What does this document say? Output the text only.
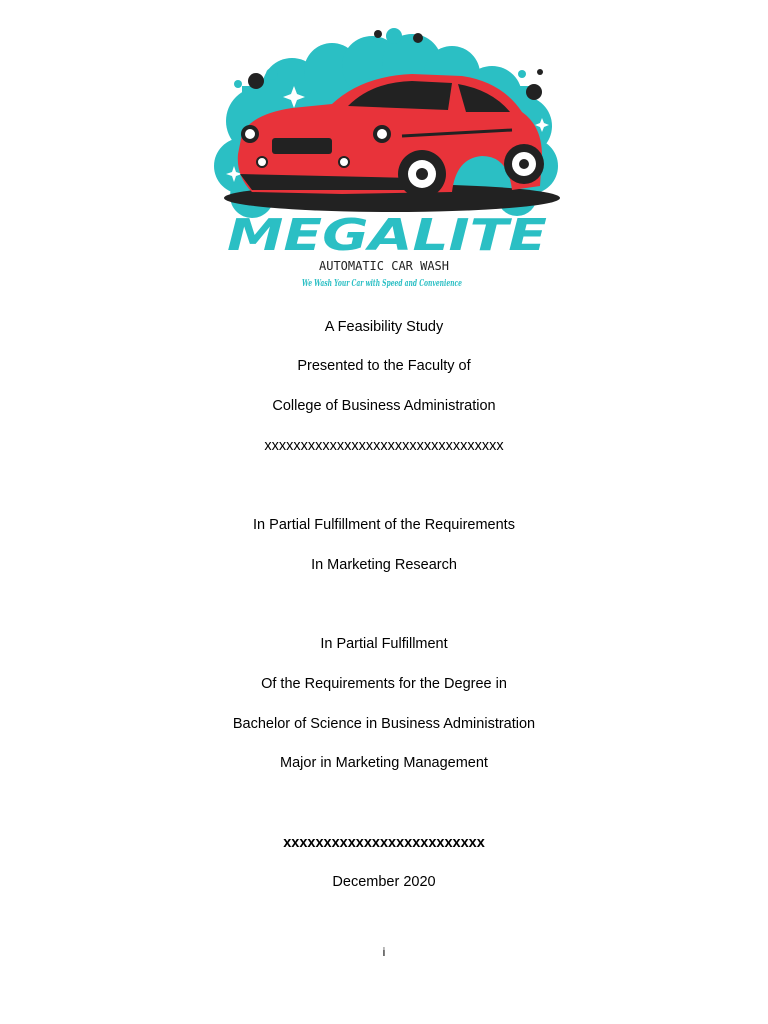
MEGALITE
AUTOMATIC CAR WASH
We Wash Your Car with Speed and Convenience
A Feasibility Study
Presented to the Faculty of
College of Business Administration
xxxxxxxxxxxxxxxxxxxxxxxxxxxxxxxxx
In Partial Fulfillment of the Requirements
In Marketing Research
In Partial Fulfillment
Of the Requirements for the Degree in
Bachelor of Science in Business Administration
Major in Marketing Management
xxxxxxxxxxxxxxxxxxxxxxxxx
December 2020
i
